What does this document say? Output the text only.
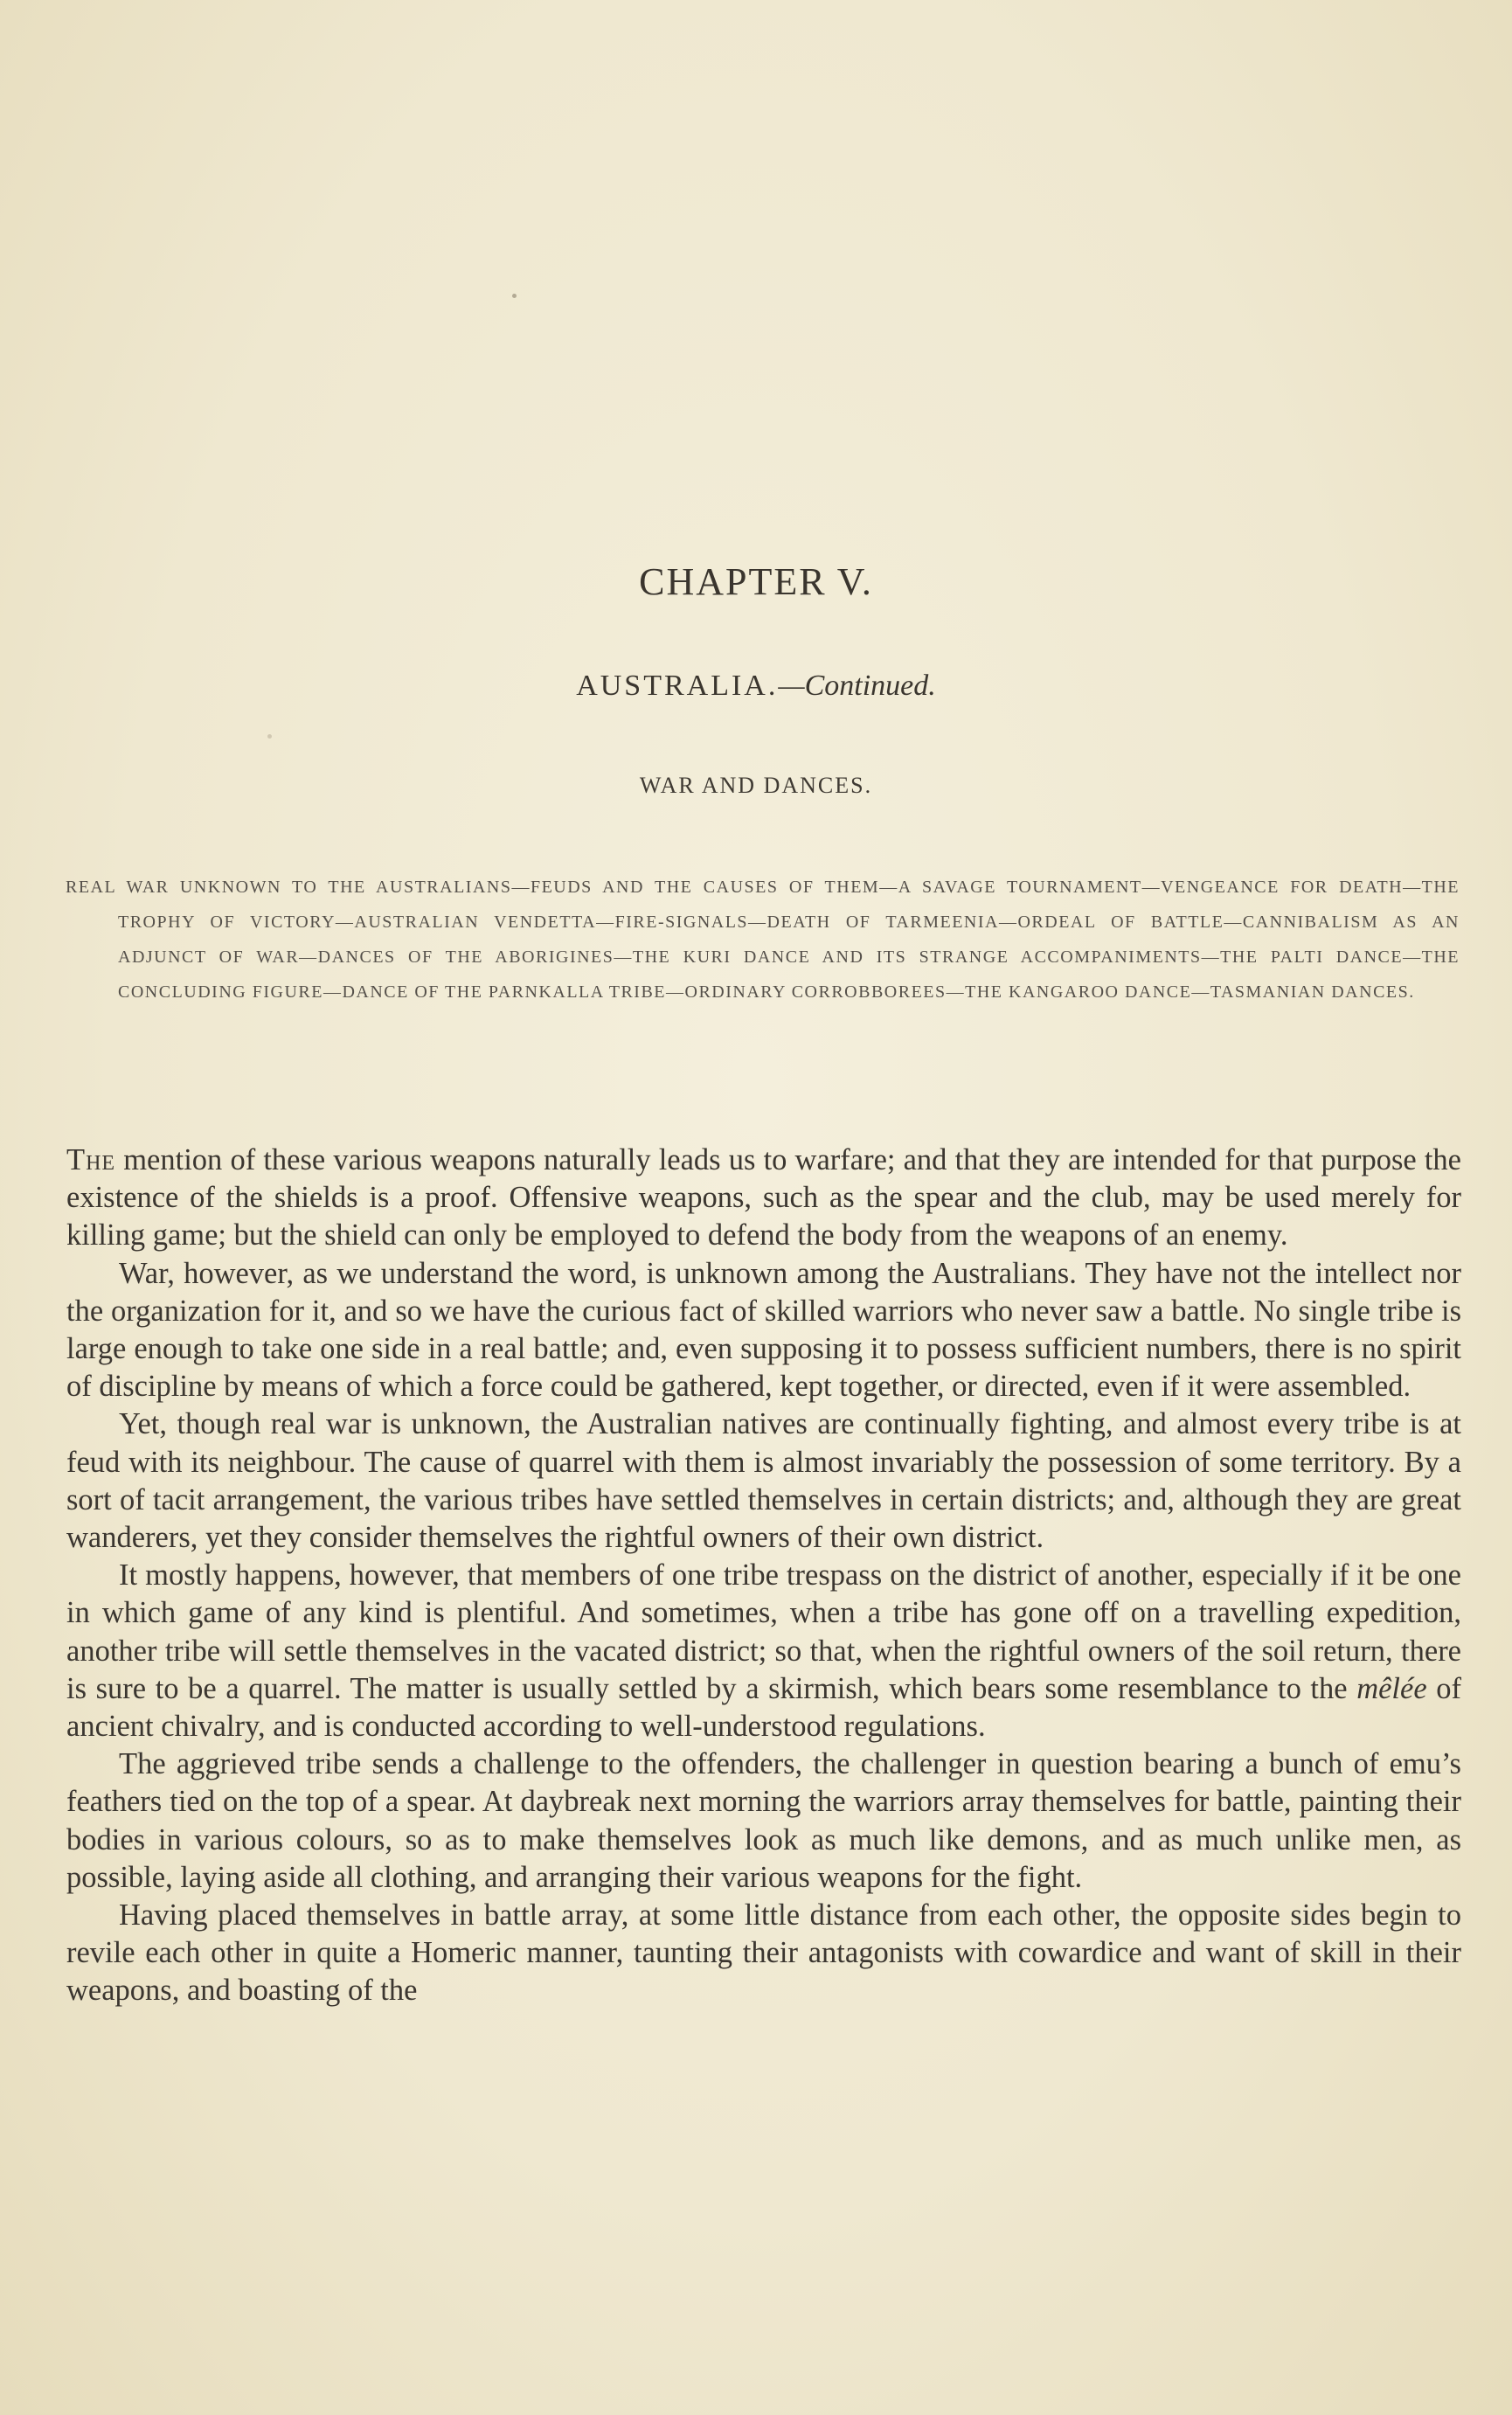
CHAPTER V.
AUSTRALIA.—Continued.
WAR AND DANCES.
REAL WAR UNKNOWN TO THE AUSTRALIANS—FEUDS AND THE CAUSES OF THEM—A SAVAGE TOURNAMENT—VENGEANCE FOR DEATH—THE TROPHY OF VICTORY—AUSTRALIAN VENDETTA—FIRE-SIGNALS—DEATH OF TARMEENIA—ORDEAL OF BATTLE—CANNIBALISM AS AN ADJUNCT OF WAR—DANCES OF THE ABORIGINES—THE KURI DANCE AND ITS STRANGE ACCOMPANIMENTS—THE PALTI DANCE—THE CONCLUDING FIGURE—DANCE OF THE PARNKALLA TRIBE—ORDINARY CORROBBOREES—THE KANGAROO DANCE—TASMANIAN DANCES.

The mention of these various weapons naturally leads us to warfare; and that they are intended for that purpose the existence of the shields is a proof. Offensive weapons, such as the spear and the club, may be used merely for killing game; but the shield can only be employed to defend the body from the weapons of an enemy.

War, however, as we understand the word, is unknown among the Australians. They have not the intellect nor the organization for it, and so we have the curious fact of skilled warriors who never saw a battle. No single tribe is large enough to take one side in a real battle; and, even supposing it to possess sufficient numbers, there is no spirit of discipline by means of which a force could be gathered, kept together, or directed, even if it were assembled.

Yet, though real war is unknown, the Australian natives are continually fighting, and almost every tribe is at feud with its neighbour. The cause of quarrel with them is almost invariably the possession of some territory. By a sort of tacit arrangement, the various tribes have settled themselves in certain districts; and, although they are great wanderers, yet they consider themselves the rightful owners of their own district.

It mostly happens, however, that members of one tribe trespass on the district of another, especially if it be one in which game of any kind is plentiful. And sometimes, when a tribe has gone off on a travelling expedition, another tribe will settle themselves in the vacated district; so that, when the rightful owners of the soil return, there is sure to be a quarrel. The matter is usually settled by a skirmish, which bears some resemblance to the mêlée of ancient chivalry, and is conducted according to well-understood regulations.

The aggrieved tribe sends a challenge to the offenders, the challenger in question bearing a bunch of emu’s feathers tied on the top of a spear. At daybreak next morning the warriors array themselves for battle, painting their bodies in various colours, so as to make themselves look as much like demons, and as much unlike men, as possible, laying aside all clothing, and arranging their various weapons for the fight.

Having placed themselves in battle array, at some little distance from each other, the opposite sides begin to revile each other in quite a Homeric manner, taunting their antagonists with cowardice and want of skill in their weapons, and boasting of the
